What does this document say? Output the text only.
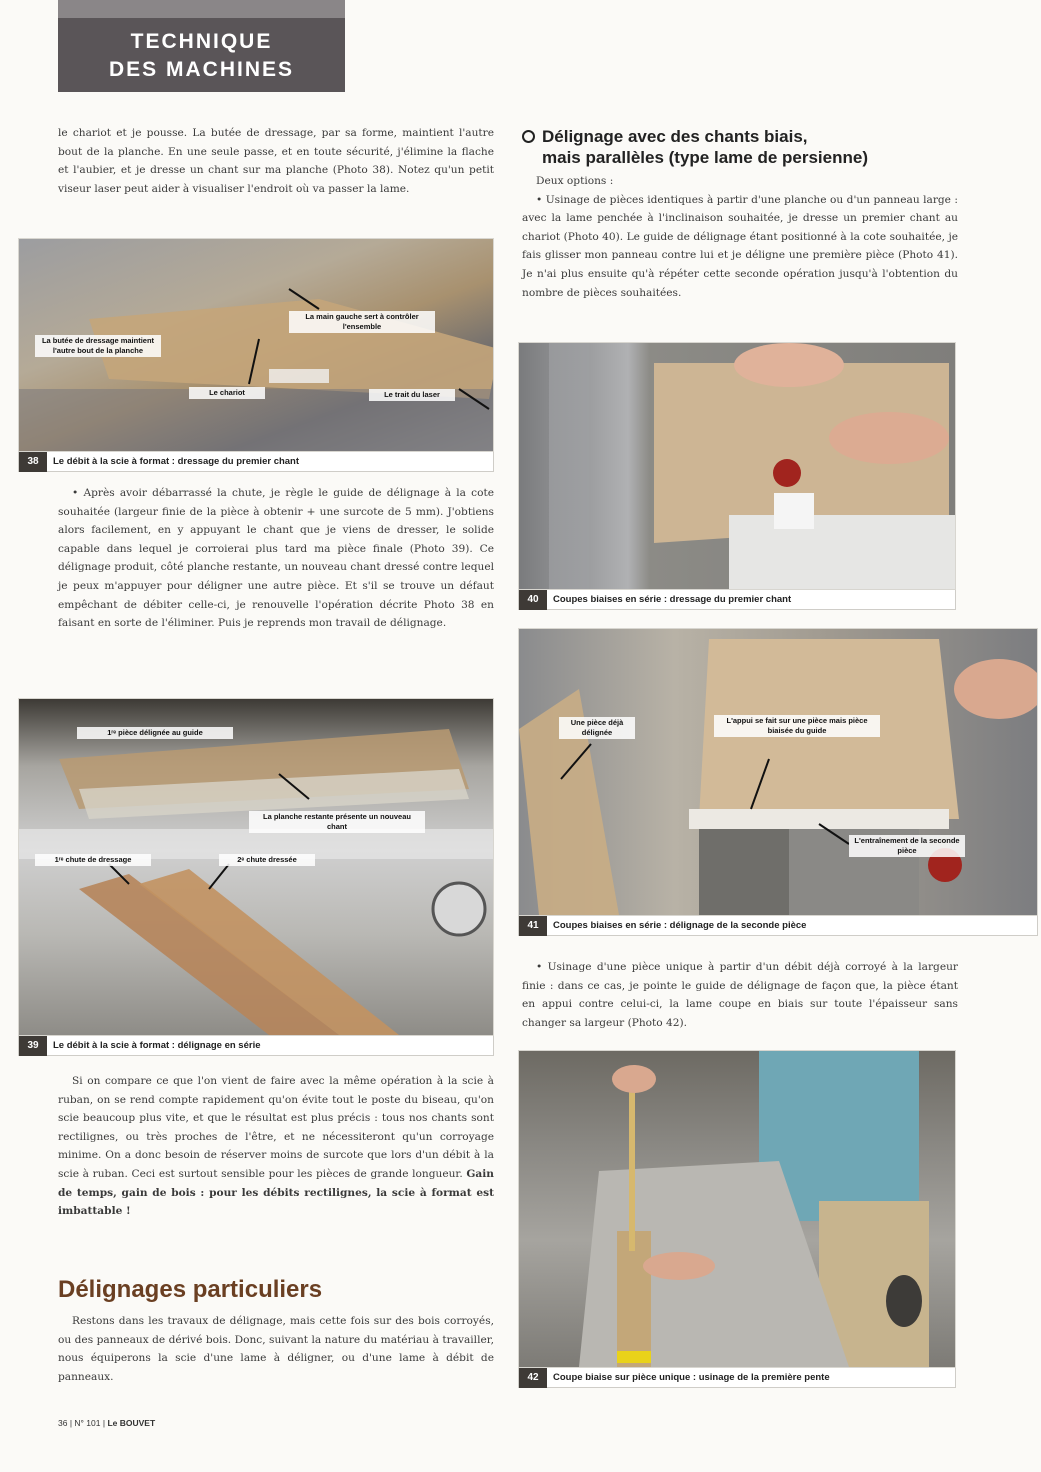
TECHNIQUE
DES MACHINES

le chariot et je pousse. La butée de dressage, par sa forme, maintient l'autre bout de la planche. En une seule passe, et en toute sécurité, j'élimine la flache et l'aubier, et je dresse un chant sur ma planche (Photo 38). Notez qu'un petit viseur laser peut aider à visualiser l'endroit où va passer la lame.

La main gauche sert à contrôler l'ensemble
La butée de dressage maintient l'autre bout de la planche
Le chariot	Le trait du laser
38	Le débit à la scie à format : dressage du premier chant

• Après avoir débarrassé la chute, je règle le guide de délignage à la cote souhaitée (largeur finie de la pièce à obtenir + une surcote de 5 mm). J'obtiens alors facilement, en y appuyant le chant que je viens de dresser, le solide capable dans lequel je corroierai plus tard ma pièce finale (Photo 39). Ce délignage produit, côté planche restante, un nouveau chant dressé contre lequel je peux m'appuyer pour déligner une autre pièce. Et s'il se trouve un défaut empêchant de débiter celle-ci, je renouvelle l'opération décrite Photo 38 en faisant en sorte de l'éliminer. Puis je reprends mon travail de délignage.

1ʳᵉ pièce délignée au guide
La planche restante présente un nouveau chant
1ʳᵉ chute de dressage	2ᵉ chute dressée
39	Le débit à la scie à format : délignage en série

Si on compare ce que l'on vient de faire avec la même opération à la scie à ruban, on se rend compte rapidement qu'on évite tout le poste du biseau, qu'on scie beaucoup plus vite, et que le résultat est plus précis : tous nos chants sont rectilignes, ou très proches de l'être, et ne nécessiteront qu'un corroyage minime. On a donc besoin de réserver moins de surcote que lors d'un débit à la scie à ruban. Ceci est surtout sensible pour les pièces de grande longueur. Gain de temps, gain de bois : pour les débits rectilignes, la scie à format est imbattable !

Délignages particuliers

Restons dans les travaux de délignage, mais cette fois sur des bois corroyés, ou des panneaux de dérivé bois. Donc, suivant la nature du matériau à travailler, nous équiperons la scie d'une lame à déligner, ou d'une lame à débit de panneaux.

36 | N° 101 | Le BOUVET
Délignage avec des chants biais,
mais parallèles (type lame de persienne)

Deux options :

• Usinage de pièces identiques à partir d'une planche ou d'un panneau large : avec la lame penchée à l'inclinaison souhaitée, je dresse un premier chant au chariot (Photo 40). Le guide de délignage étant positionné à la cote souhaitée, je fais glisser mon panneau contre lui et je déligne une première pièce (Photo 41). Je n'ai plus ensuite qu'à répéter cette seconde opération jusqu'à l'obtention du nombre de pièces souhaitées.

40	Coupes biaises en série : dressage du premier chant
Une pièce déjà délignée
L'appui se fait sur une pièce mais pièce biaisée du guide
L'entraînement de la seconde pièce
41	Coupes biaises en série : délignage de la seconde pièce

• Usinage d'une pièce unique à partir d'un débit déjà corroyé à la largeur finie : dans ce cas, je pointe le guide de délignage de façon que, la pièce étant en appui contre celui-ci, la lame coupe en biais sur toute l'épaisseur sans changer sa largeur (Photo 42).

42	Coupe biaise sur pièce unique : usinage de la première pente
